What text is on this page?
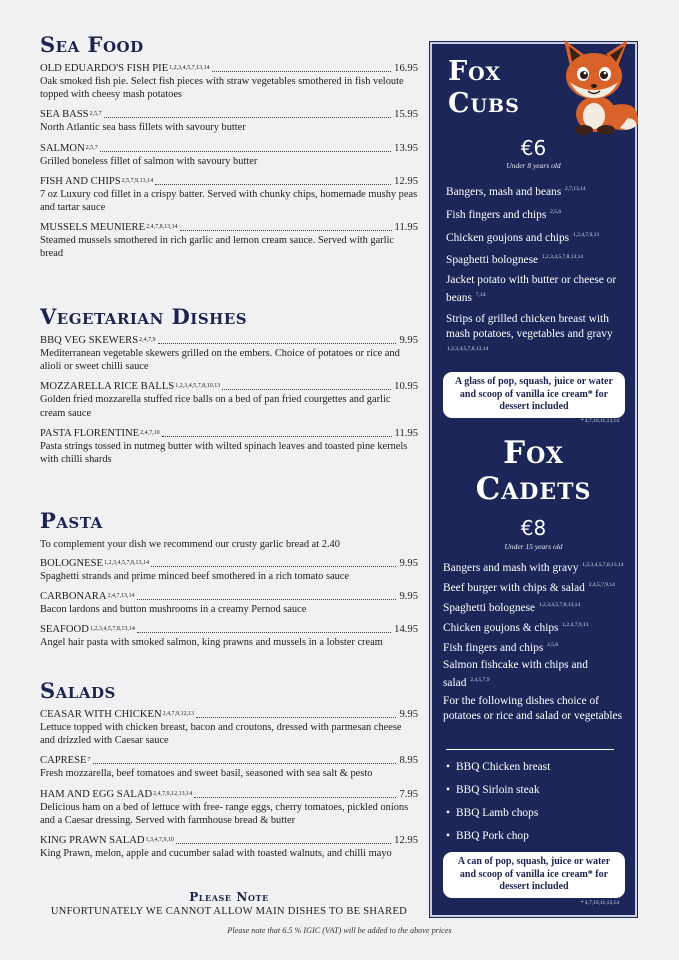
Sea Food
OLD EDUARDO'S FISH PIE 1,2,3,4,5,7,13,14	16.95
Oak smoked fish pie. Select fish pieces with straw vegetables smothered in fish veloute topped with cheesy mash potatoes
SEA BASS 2,5,7	15.95
North Atlantic sea bass fillets with savoury butter
SALMON 2,5,7	13.95
Grilled boneless fillet of salmon with savoury butter
FISH AND CHIPS 2,5,7,9,13,14	12.95
7 oz Luxury cod fillet in a crispy batter. Served with chunky chips, homemade mushy peas and tartar sauce
MUSSELS MEUNIERE 2,4,7,8,13,14	11.95
Steamed mussels smothered in rich garlic and lemon cream sauce. Served with garlic bread
Vegetarian Dishes
BBQ VEG SKEWERS 2,4,7,9	9.95
Mediterranean vegetable skewers grilled on the embers. Choice of potatoes or rice and alioli or sweet chilli sauce
MOZZARELLA RICE BALLS 1,2,3,4,5,7,8,10,13	10.95
Golden fried mozzarella stuffed rice balls on a bed of pan fried courgettes and garlic cream sauce
PASTA FLORENTINE 2,4,7,10	11.95
Pasta strings tossed in nutmeg butter with wilted spinach leaves and toasted pine kernels with chilli shards
Pasta
To complement your dish we recommend our crusty garlic bread at 2.40
BOLOGNESE 1,2,3,4,5,7,8,13,14	9.95
Spaghetti strands and prime minced beef smothered in a rich tomato sauce
CARBONARA 2,4,7,13,14	9.95
Bacon lardons and button mushrooms in a creamy Pernod sauce
SEAFOOD 1,2,3,4,5,7,8,13,14	14.95
Angel hair pasta with smoked salmon, king prawns and mussels in a lobster cream
Salads
CEASAR WITH CHICKEN 2,4,7,9,12,13	9.95
Lettuce topped with chicken breast, bacon and croutons, dressed with parmesan cheese and drizzled with Caesar sauce
CAPRESE 7	8.95
Fresh mozzarella, beef tomatoes and sweet basil, seasoned with sea salt & pesto
HAM AND EGG SALAD 2,4,7,9,12,13,14	7.95
Delicious ham on a bed of lettuce with free- range eggs, cherry tomatoes, pickled onions and a Caesar dressing. Served with farmhouse bread & butter
KING PRAWN SALAD 1,3,4,7,9,10	12.95
King Prawn, melon, apple and cucumber salad with toasted walnuts, and chilli mayo
Please Note
UNFORTUNATELY WE CANNOT ALLOW MAIN DISHES TO BE SHARED
Please note that 6.5 % IGIC (VAT) will be added to the above prices
Fox
Cubs
€6
Under 8 years old
Bangers, mash and beans $^{2,7,13,14}$
Fish fingers and chips $^{2,5,6}$
Chicken goujons and chips $^{1,2,4,7,9,13}$
Spaghetti bolognese $^{1,2,3,4,5,7,8,13,14}$
Jacket potato with butter or cheese or beans $^{7,14}$
Strips of grilled chicken breast with mash potatoes, vegetables and gravy $^{1,2,3,4,5,7,8,13,14}$
A glass of pop, squash, juice or water and scoop of vanilla ice cream* for dessert included
* 4,7,10,11,13,14
Fox
Cadets
€8
Under 15 years old
Bangers and mash with gravy $^{1,2,3,4,5,7,8,13,14}$
Beef burger with chips & salad $^{2,4,5,7,9,14}$
Spaghetti bolognese $^{1,2,3,4,5,7,8,13,14}$
Chicken goujons & chips $^{1,2,4,7,9,13}$
Fish fingers and chips $^{2,5,6}$
Salmon fishcake with chips and salad $^{2,4,5,7,9}$
For the following dishes choice of potatoes or rice and salad or vegetables
• BBQ Chicken breast
• BBQ Sirloin steak
• BBQ Lamb chops
• BBQ Pork chop
A can of pop, squash, juice or water and scoop of vanilla ice cream* for dessert included
* 4,7,10,11,13,14
